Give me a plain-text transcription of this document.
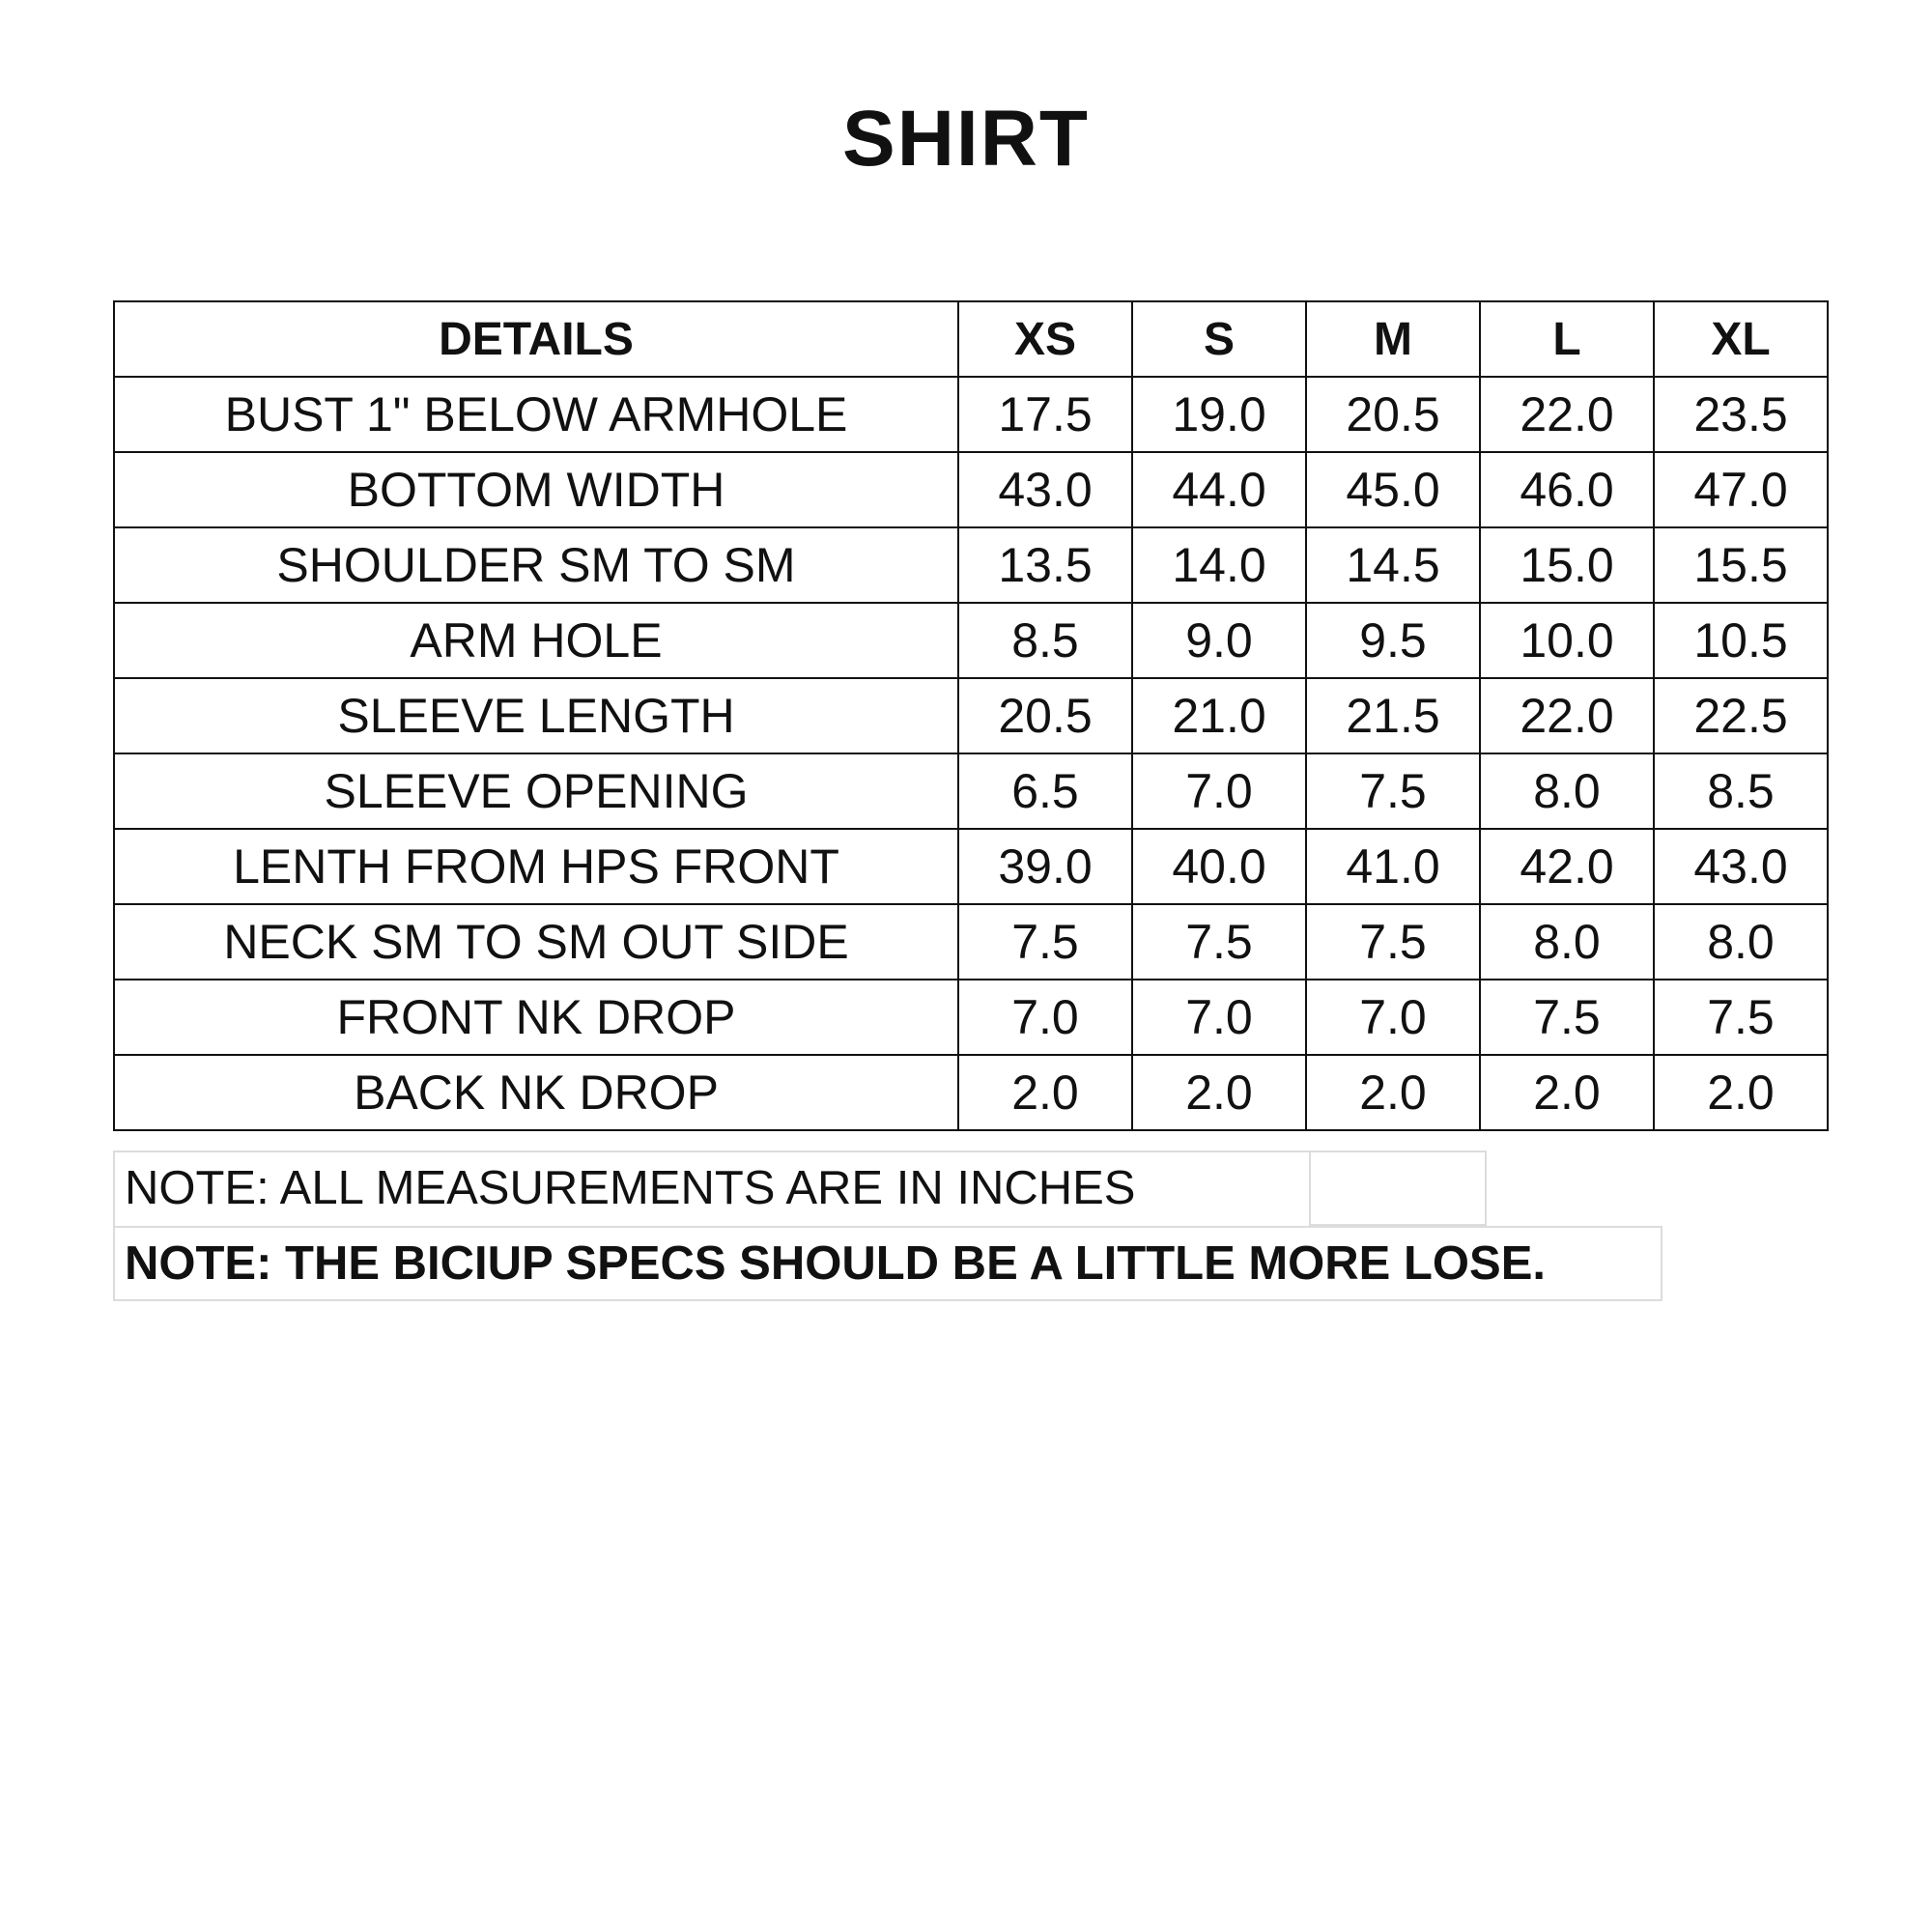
SHIRT
DETAILS	XS	S	M	L	XL
BUST 1" BELOW ARMHOLE	17.5	19.0	20.5	22.0	23.5
BOTTOM WIDTH	43.0	44.0	45.0	46.0	47.0
SHOULDER SM TO SM	13.5	14.0	14.5	15.0	15.5
ARM HOLE	8.5	9.0	9.5	10.0	10.5
SLEEVE LENGTH	20.5	21.0	21.5	22.0	22.5
SLEEVE OPENING	6.5	7.0	7.5	8.0	8.5
LENTH FROM HPS FRONT	39.0	40.0	41.0	42.0	43.0
NECK SM TO SM OUT SIDE	7.5	7.5	7.5	8.0	8.0
FRONT NK DROP	7.0	7.0	7.0	7.5	7.5
BACK NK DROP	2.0	2.0	2.0	2.0	2.0
NOTE: ALL MEASUREMENTS ARE IN INCHES
NOTE: THE BICIUP SPECS SHOULD BE A LITTLE MORE LOSE.
